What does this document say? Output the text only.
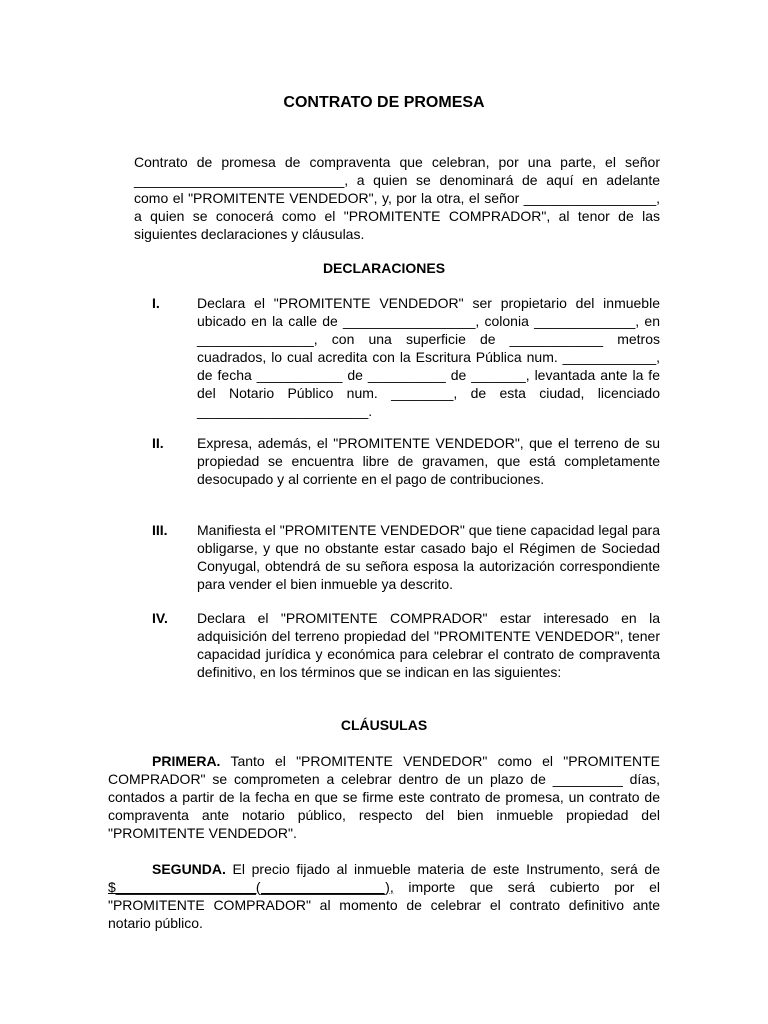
CONTRATO DE PROMESA

Contrato de promesa de compraventa que celebran, por una parte, el señor ___________________________, a quien se denominará de aquí en adelante como el "PROMITENTE VENDEDOR", y, por la otra, el señor _________________, a quien se conocerá como el "PROMITENTE COMPRADOR", al tenor de las siguientes declaraciones y cláusulas.

DECLARACIONES
I.	Declara el "PROMITENTE VENDEDOR" ser propietario del inmueble ubicado en la calle de _________________, colonia _____________, en _______________, con una superficie de ____________ metros cuadrados, lo cual acredita con la Escritura Pública num. ____________, de fecha ___________ de __________ de _______, levantada ante la fe del Notario Público num. ________, de esta ciudad, licenciado ______________________.
II. Expresa, además, el "PROMITENTE VENDEDOR", que el terreno de su propiedad se encuentra libre de gravamen, que está completamente desocupado y al corriente en el pago de contribuciones.
III. Manifiesta el "PROMITENTE VENDEDOR" que tiene capacidad legal para obligarse, y que no obstante estar casado bajo el Régimen de Sociedad Conyugal, obtendrá de su señora esposa la autorización correspondiente para vender el bien inmueble ya descrito.
IV. Declara el "PROMITENTE COMPRADOR" estar interesado en la adquisición del terreno propiedad del "PROMITENTE VENDEDOR", tener capacidad jurídica y económica para celebrar el contrato de compraventa definitivo, en los términos que se indican en las siguientes:
CLÁUSULAS
PRIMERA. Tanto el "PROMITENTE VENDEDOR" como el "PROMITENTE COMPRADOR" se comprometen a celebrar dentro de un plazo de _________ días, contados a partir de la fecha en que se firme este contrato de promesa, un contrato de compraventa ante notario público, respecto del bien inmueble propiedad del "PROMITENTE VENDEDOR".
SEGUNDA. El precio fijado al inmueble materia de este Instrumento, será de $__________________(________________), importe que será cubierto por el "PROMITENTE COMPRADOR" al momento de celebrar el contrato definitivo ante notario público.
